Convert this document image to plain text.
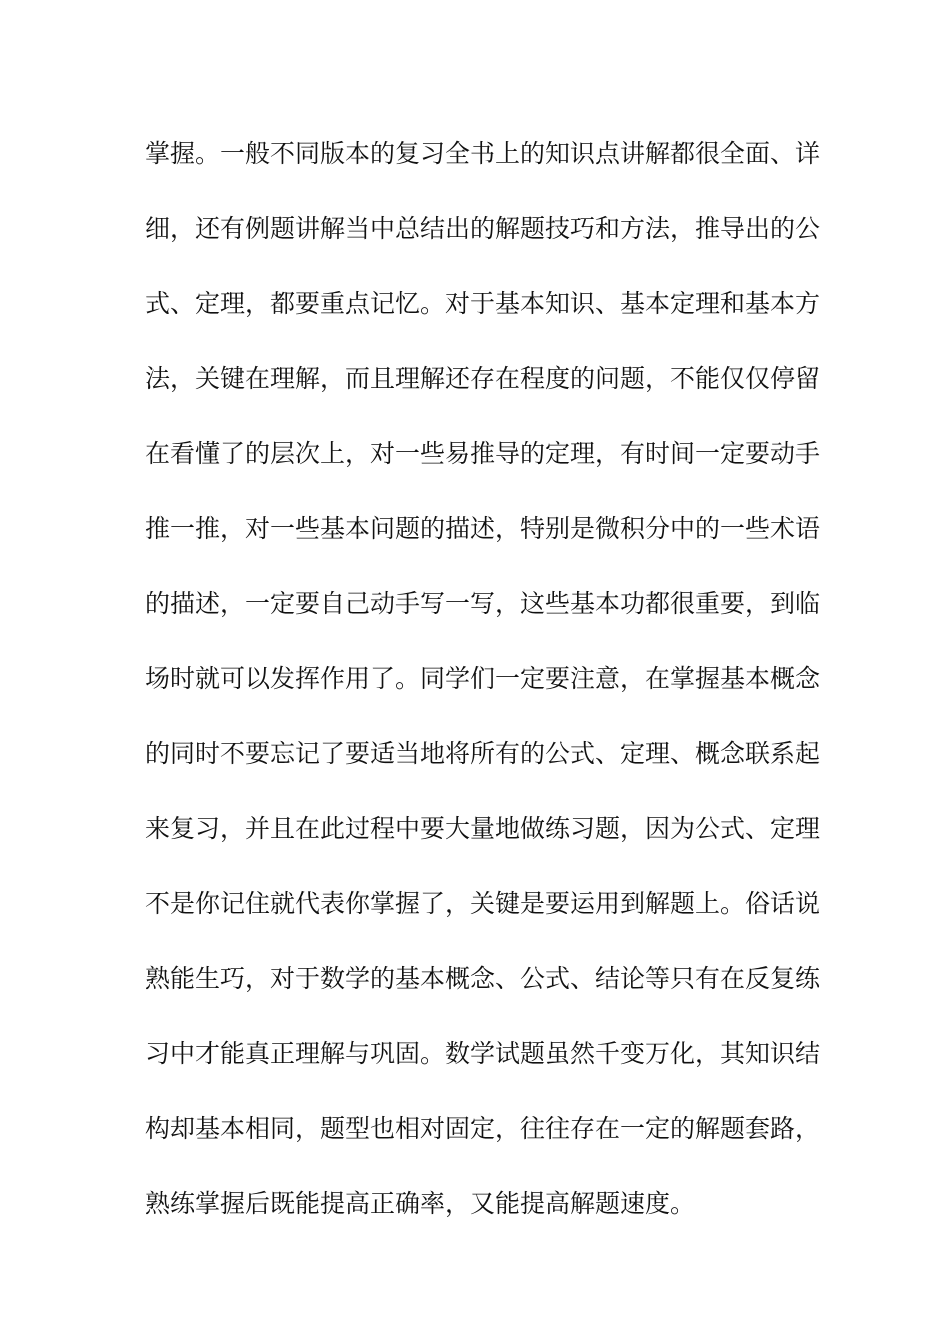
掌握。一般不同版本的复习全书上的知识点讲解都很全面、详
细，还有例题讲解当中总结出的解题技巧和方法，推导出的公
式、定理，都要重点记忆。对于基本知识、基本定理和基本方
法，关键在理解，而且理解还存在程度的问题，不能仅仅停留
在看懂了的层次上，对一些易推导的定理，有时间一定要动手
推一推，对一些基本问题的描述，特别是微积分中的一些术语
的描述，一定要自己动手写一写，这些基本功都很重要，到临
场时就可以发挥作用了。同学们一定要注意，在掌握基本概念
的同时不要忘记了要适当地将所有的公式、定理、概念联系起
来复习，并且在此过程中要大量地做练习题，因为公式、定理
不是你记住就代表你掌握了，关键是要运用到解题上。俗话说
熟能生巧，对于数学的基本概念、公式、结论等只有在反复练
习中才能真正理解与巩固。数学试题虽然千变万化，其知识结
构却基本相同，题型也相对固定，往往存在一定的解题套路，
熟练掌握后既能提高正确率，又能提高解题速度。
